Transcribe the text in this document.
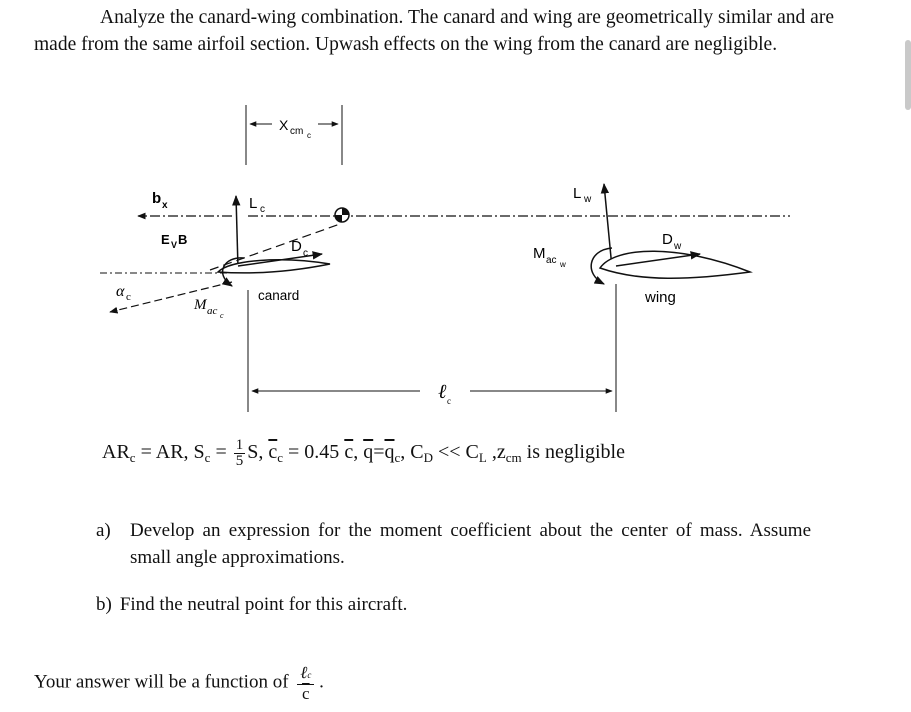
Analyze the canard-wing combination. The canard and wing are geometrically similar and are made from the same airfoil section. Upwash effects on the wing from the canard are negligible.
X cm c
b x	L c
α c
E V B	D c
M ac c
canard
L w
D w
M ac w
wing
ℓ c
$AR_c$ = AR, $S_c = \frac{1}{5} S$, $\overline{c}_c = 0.45$ $\overline{c}$, $\overline{q}=\overline{q}_c$, $C_D << C_L$ $,z_{cm}$ is negligible
a) Develop an expression for the moment coefficient about the center of mass. Assume small angle approximations.
b) Find the neutral point for this aircraft.
Your answer will be a function of $\frac{\text{ℓc}}{c}$ .
